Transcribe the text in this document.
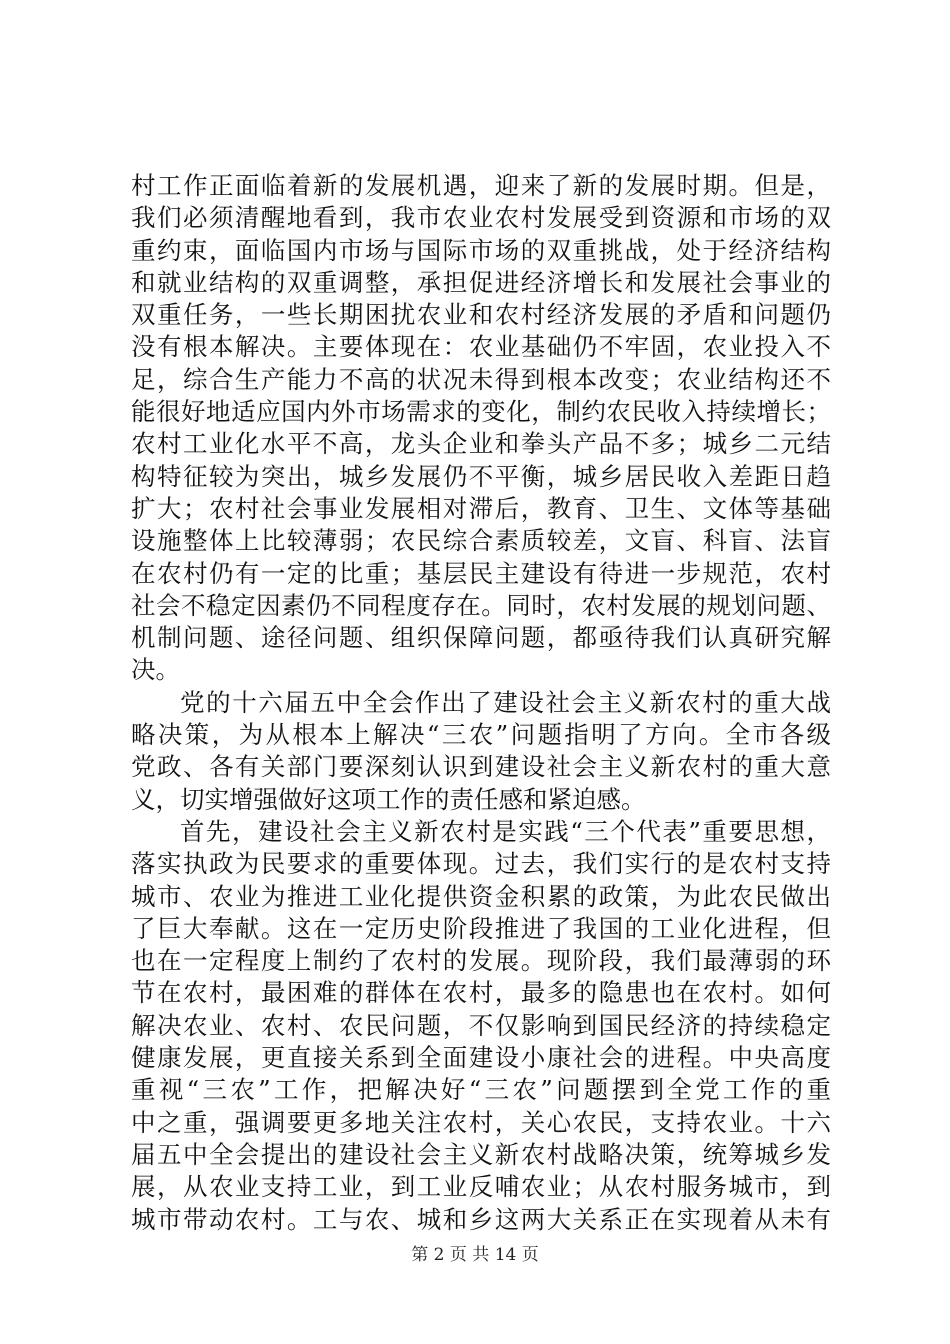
村工作正面临着新的发展机遇，迎来了新的发展时期。但是，
我们必须清醒地看到，我市农业农村发展受到资源和市场的双
重约束，面临国内市场与国际市场的双重挑战，处于经济结构
和就业结构的双重调整，承担促进经济增长和发展社会事业的
双重任务，一些长期困扰农业和农村经济发展的矛盾和问题仍
没有根本解决。主要体现在：农业基础仍不牢固，农业投入不
足，综合生产能力不高的状况未得到根本改变；农业结构还不
能很好地适应国内外市场需求的变化，制约农民收入持续增长；
农村工业化水平不高，龙头企业和拳头产品不多；城乡二元结
构特征较为突出，城乡发展仍不平衡，城乡居民收入差距日趋
扩大；农村社会事业发展相对滞后，教育、卫生、文体等基础
设施整体上比较薄弱；农民综合素质较差，文盲、科盲、法盲
在农村仍有一定的比重；基层民主建设有待进一步规范，农村
社会不稳定因素仍不同程度存在。同时，农村发展的规划问题、
机制问题、途径问题、组织保障问题，都亟待我们认真研究解
决。
党的十六届五中全会作出了建设社会主义新农村的重大战
略决策，为从根本上解决“三农”问题指明了方向。全市各级
党政、各有关部门要深刻认识到建设社会主义新农村的重大意
义，切实增强做好这项工作的责任感和紧迫感。
首先，建设社会主义新农村是实践“三个代表”重要思想，
落实执政为民要求的重要体现。过去，我们实行的是农村支持
城市、农业为推进工业化提供资金积累的政策，为此农民做出
了巨大奉献。这在一定历史阶段推进了我国的工业化进程，但
也在一定程度上制约了农村的发展。现阶段，我们最薄弱的环
节在农村，最困难的群体在农村，最多的隐患也在农村。如何
解决农业、农村、农民问题，不仅影响到国民经济的持续稳定
健康发展，更直接关系到全面建设小康社会的进程。中央高度
重视“三农”工作，把解决好“三农”问题摆到全党工作的重
中之重，强调要更多地关注农村，关心农民，支持农业。十六
届五中全会提出的建设社会主义新农村战略决策，统筹城乡发
展，从农业支持工业，到工业反哺农业；从农村服务城市，到
城市带动农村。工与农、城和乡这两大关系正在实现着从未有
第 2 页 共 14 页
